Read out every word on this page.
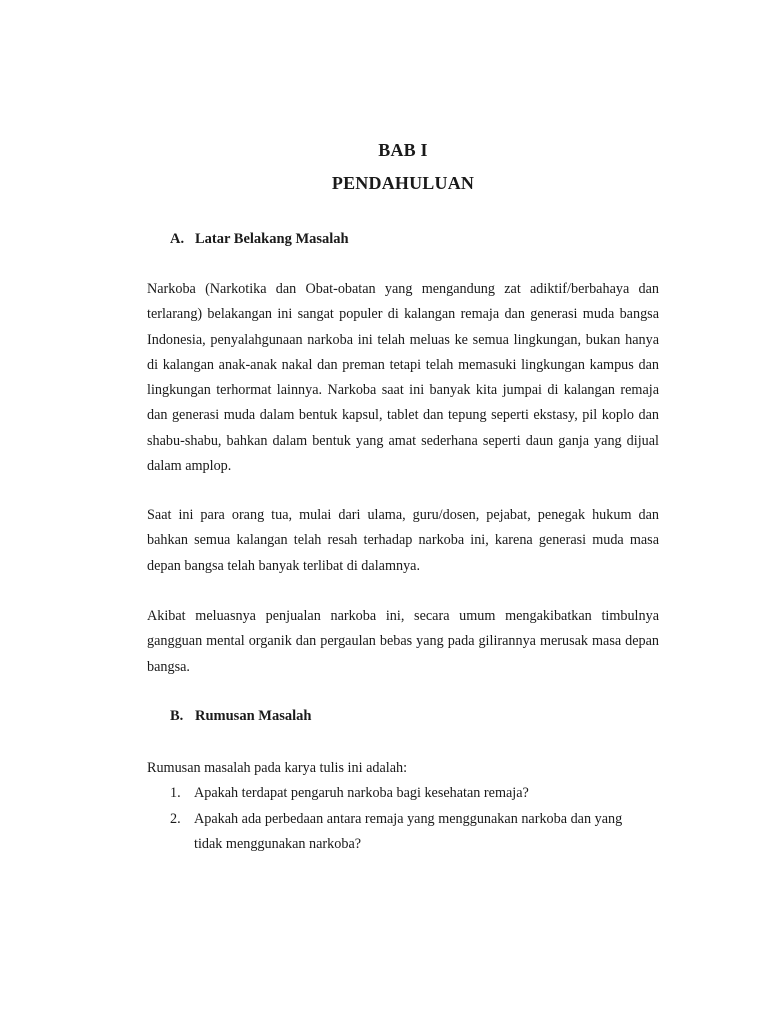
BAB I
PENDAHULUAN
A. Latar Belakang Masalah
Narkoba (Narkotika dan Obat-obatan yang mengandung zat adiktif/berbahaya dan terlarang) belakangan ini sangat populer di kalangan remaja dan generasi muda bangsa Indonesia, penyalahgunaan narkoba ini telah meluas ke semua lingkungan, bukan hanya di kalangan anak-anak nakal dan preman tetapi telah memasuki lingkungan kampus dan lingkungan terhormat lainnya. Narkoba saat ini banyak kita jumpai di kalangan remaja dan generasi muda dalam bentuk kapsul, tablet dan tepung seperti ekstasy, pil koplo dan shabu-shabu, bahkan dalam bentuk yang amat sederhana seperti daun ganja yang dijual dalam amplop.
Saat ini para orang tua, mulai dari ulama, guru/dosen, pejabat, penegak hukum dan bahkan semua kalangan telah resah terhadap narkoba ini, karena generasi muda masa depan bangsa telah banyak terlibat di dalamnya.
Akibat meluasnya penjualan narkoba ini, secara umum mengakibatkan timbulnya gangguan mental organik dan pergaulan bebas yang pada gilirannya merusak masa depan bangsa.
B. Rumusan Masalah
Rumusan masalah pada karya tulis ini adalah:
1. Apakah terdapat pengaruh narkoba bagi kesehatan remaja?
2. Apakah ada perbedaan antara remaja yang menggunakan narkoba dan yang tidak menggunakan narkoba?
